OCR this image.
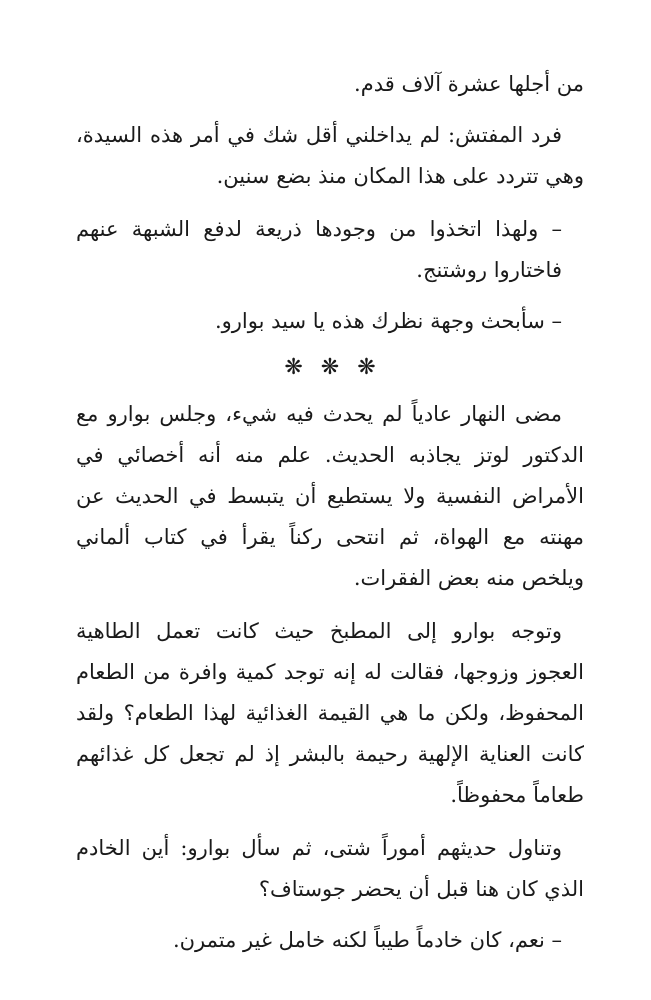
من أجلها عشرة آلاف قدم.

فرد المفتش: لم يداخلني أقل شك في أمر هذه السيدة، وهي تتردد على هذا المكان منذ بضع سنين.

– ولهذا اتخذوا من وجودها ذريعة لدفع الشبهة عنهم فاختاروا روشتنج.

– سأبحث وجهة نظرك هذه يا سيد بوارو.

❋❋❋

مضى النهار عادياً لم يحدث فيه شيء، وجلس بوارو مع الدكتور لوتز يجاذبه الحديث. علم منه أنه أخصائي في الأمراض النفسية ولا يستطيع أن يتبسط في الحديث عن مهنته مع الهواة، ثم انتحى ركناً يقرأ في كتاب ألماني ويلخص منه بعض الفقرات.

وتوجه بوارو إلى المطبخ حيث كانت تعمل الطاهية العجوز وزوجها، فقالت له إنه توجد كمية وافرة من الطعام المحفوظ، ولكن ما هي القيمة الغذائية لهذا الطعام؟ ولقد كانت العناية الإلهية رحيمة بالبشر إذ لم تجعل كل غذائهم طعاماً محفوظاً.

وتناول حديثهم أموراً شتى، ثم سأل بوارو: أين الخادم الذي كان هنا قبل أن يحضر جوستاف؟

– نعم، كان خادماً طيباً لكنه خامل غير متمرن.
